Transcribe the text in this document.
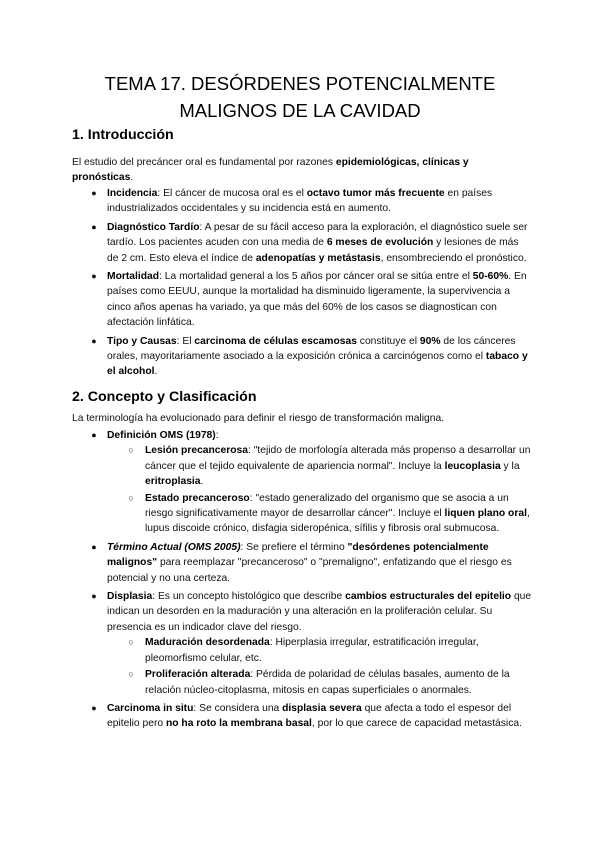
TEMA 17. DESÓRDENES POTENCIALMENTE
MALIGNOS DE LA CAVIDAD
1. Introducción

El estudio del precáncer oral es fundamental por razones epidemiológicas, clínicas y pronósticas.

● Incidencia: El cáncer de mucosa oral es el octavo tumor más frecuente en países industrializados occidentales y su incidencia está en aumento.
● Diagnóstico Tardío: A pesar de su fácil acceso para la exploración, el diagnóstico suele ser tardío. Los pacientes acuden con una media de 6 meses de evolución y lesiones de más de 2 cm. Esto eleva el índice de adenopatías y metástasis, ensombreciendo el pronóstico.
● Mortalidad: La mortalidad general a los 5 años por cáncer oral se sitúa entre el 50-60%. En países como EEUU, aunque la mortalidad ha disminuido ligeramente, la supervivencia a cinco años apenas ha variado, ya que más del 60% de los casos se diagnostican con afectación linfática.
● Tipo y Causas: El carcinoma de células escamosas constituye el 90% de los cánceres orales, mayoritariamente asociado a la exposición crónica a carcinógenos como el tabaco y el alcohol.
2. Concepto y Clasificación

La terminología ha evolucionado para definir el riesgo de transformación maligna.

● Definición OMS (1978):
○	Lesión precancerosa: "tejido de morfología alterada más propenso a desarrollar un cáncer que el tejido equivalente de apariencia normal". Incluye la leucoplasia y la eritroplasia.
○	Estado precanceroso: "estado generalizado del organismo que se asocia a un riesgo significativamente mayor de desarrollar cáncer". Incluye el liquen plano oral, lupus discoide crónico, disfagia sideropénica, sífilis y fibrosis oral submucosa.
● Término Actual (OMS 2005): Se prefiere el término "desórdenes potencialmente malignos" para reemplazar "precanceroso" o "premaligno", enfatizando que el riesgo es potencial y no una certeza.
● Displasia: Es un concepto histológico que describe cambios estructurales del epitelio que indican un desorden en la maduración y una alteración en la proliferación celular. Su presencia es un indicador clave del riesgo.
○	Maduración desordenada: Hiperplasia irregular, estratificación irregular, pleomorfismo celular, etc.
○	Proliferación alterada: Pérdida de polaridad de células basales, aumento de la relación núcleo-citoplasma, mitosis en capas superficiales o anormales.
● Carcinoma in situ: Se considera una displasia severa que afecta a todo el espesor del epitelio pero no ha roto la membrana basal, por lo que carece de capacidad metastásica.
